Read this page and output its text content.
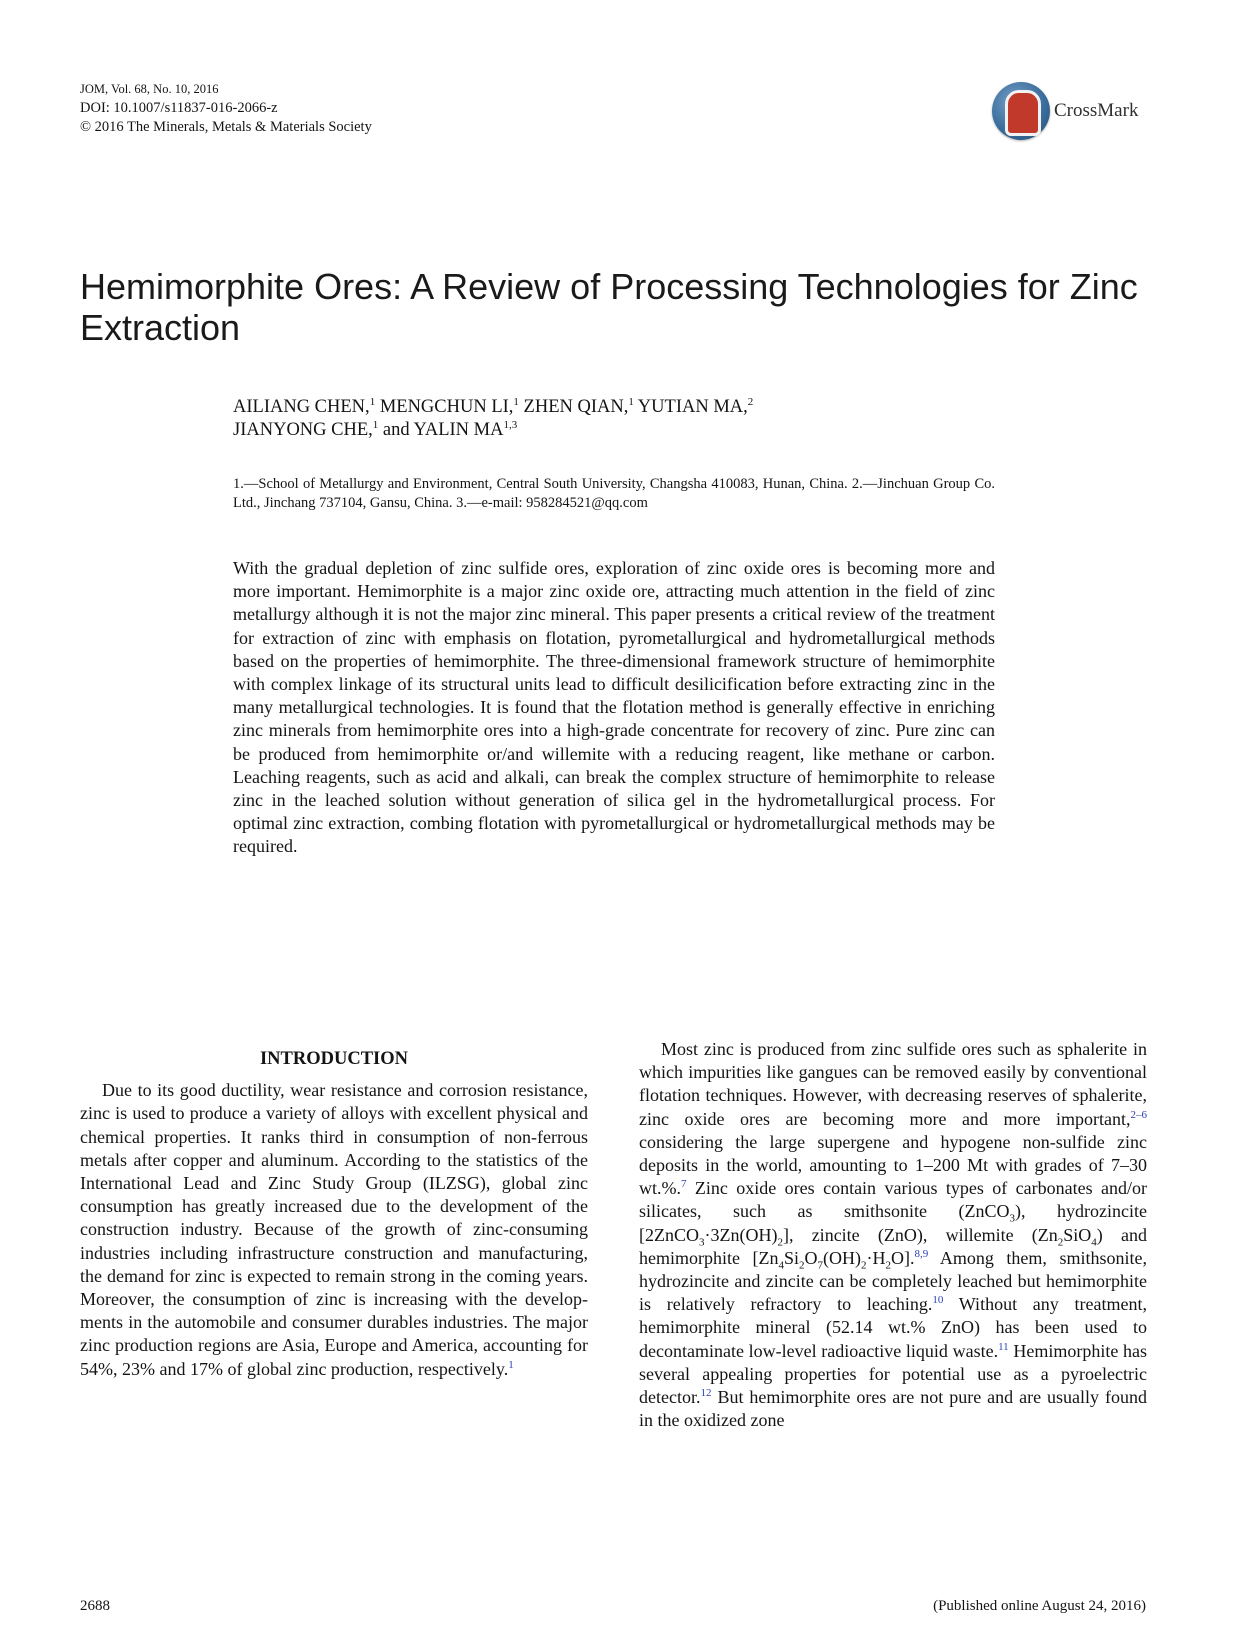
JOM, Vol. 68, No. 10, 2016
DOI: 10.1007/s11837-016-2066-z
© 2016 The Minerals, Metals & Materials Society
CrossMark
Hemimorphite Ores: A Review of Processing Technologies for Zinc Extraction
AILIANG CHEN,$^1$ MENGCHUN LI,$^1$ ZHEN QIAN,$^1$ YUTIAN MA,$^2$
JIANYONG CHE,$^1$ and YALIN MA$^{1,3}$
1.—School of Metallurgy and Environment, Central South University, Changsha 410083, Hunan, China. 2.—Jinchuan Group Co. Ltd., Jinchang 737104, Gansu, China. 3.—e-mail: 958284521@qq.com
With the gradual depletion of zinc sulfide ores, exploration of zinc oxide ores is becoming more and more important. Hemimorphite is a major zinc oxide ore, attracting much attention in the field of zinc metallurgy although it is not the major zinc mineral. This paper presents a critical review of the treatment for extraction of zinc with emphasis on flotation, pyrometallurgical and hydrometallurgical methods based on the properties of hemimorphite. The three-dimensional framework structure of hemimorphite with complex linkage of its structural units lead to difficult desilicification before extracting zinc in the many metallurgical technologies. It is found that the flotation method is generally effective in enriching zinc minerals from hemimorphite ores into a high-grade concentrate for recovery of zinc. Pure zinc can be produced from hemimorphite or/and willemite with a reducing reagent, like methane or carbon. Leaching reagents, such as acid and alkali, can break the complex structure of hemimorphite to release zinc in the leached solution without generation of silica gel in the hydrometallurgical process. For optimal zinc extraction, combing flotation with pyrometallurgical or hydrometallurgical methods may be required.
INTRODUCTION

Due to its good ductility, wear resistance and corrosion resistance, zinc is used to produce a variety of alloys with excellent physical and chemical properties. It ranks third in consumption of non-ferrous metals after copper and aluminum. According to the statistics of the International Lead and Zinc Study Group (ILZSG), global zinc consumption has greatly increased due to the development of the construction industry. Because of the growth of zinc-consuming industries including infrastructure construction and manufacturing, the demand for zinc is expected to remain strong in the coming years. Moreover, the consumption of zinc is increasing with the developments in the automobile and consumer durables industries. The major zinc production regions are Asia, Europe and America, accounting for 54%, 23% and 17% of global zinc production, respectively.$^1$

Most zinc is produced from zinc sulfide ores such as sphalerite in which impurities like gangues can be removed easily by conventional flotation techniques. However, with decreasing reserves of sphalerite, zinc oxide ores are becoming more and more important,$^{2-6}$ considering the large supergene and hypogene non-sulfide zinc deposits in the world, amounting to 1–200 Mt with grades of 7–30 wt.%.$^7$ Zinc oxide ores contain various types of carbonates and/or silicates, such as smithsonite (ZnCO$_3$), hydrozincite $[2ZnCO_3\cdot 3Zn(OH)_2]$, zincite (ZnO), willemite $(Zn_2SiO_4)$ and hemimorphite $[Zn_4Si_2O_7(OH)_2\cdot H_2O].^{8,9}$ Among them, smithsonite, hydrozincite and zincite can be completely leached but hemimorphite is relatively refractory to leaching.$^{10}$ Without any treatment, hemimorphite mineral (52.14 wt.% ZnO) has been used to decontaminate low-level radioactive liquid waste.$^{11}$ Hemimorphite has several appealing properties for potential use as a pyroelectric detector.$^{12}$ But hemimorphite ores are not pure and are usually found in the oxidized zone

2688	(Published online August 24, 2016)
